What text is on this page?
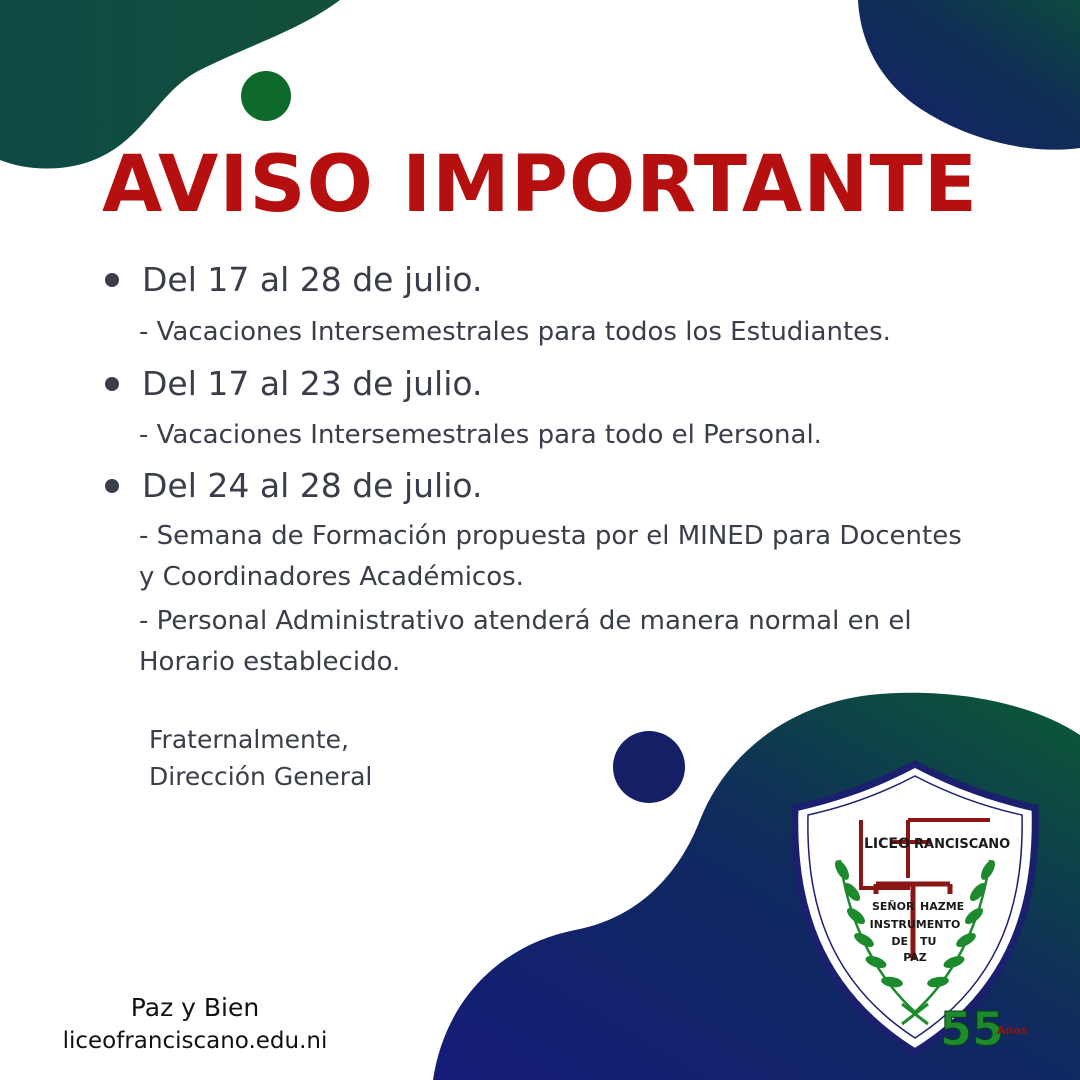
AVISO IMPORTANTE
Del 17 al 28 de julio.
- Vacaciones Intersemestrales para todos los Estudiantes.
Del 17 al 23 de julio.
- Vacaciones Intersemestrales para todo el Personal.
Del 24 al 28 de julio.
- Semana de Formación propuesta por el MINED para Docentes y Coordinadores Académicos.
- Personal Administrativo atenderá de manera normal en el Horario establecido.
Fraternalmente,
Dirección General
Paz y Bien
liceofranciscano.edu.ni
LICEO RANCISCANO
SEÑOR HAZME
INSTRUMENTO
DE TU
PAZ
55
Años
